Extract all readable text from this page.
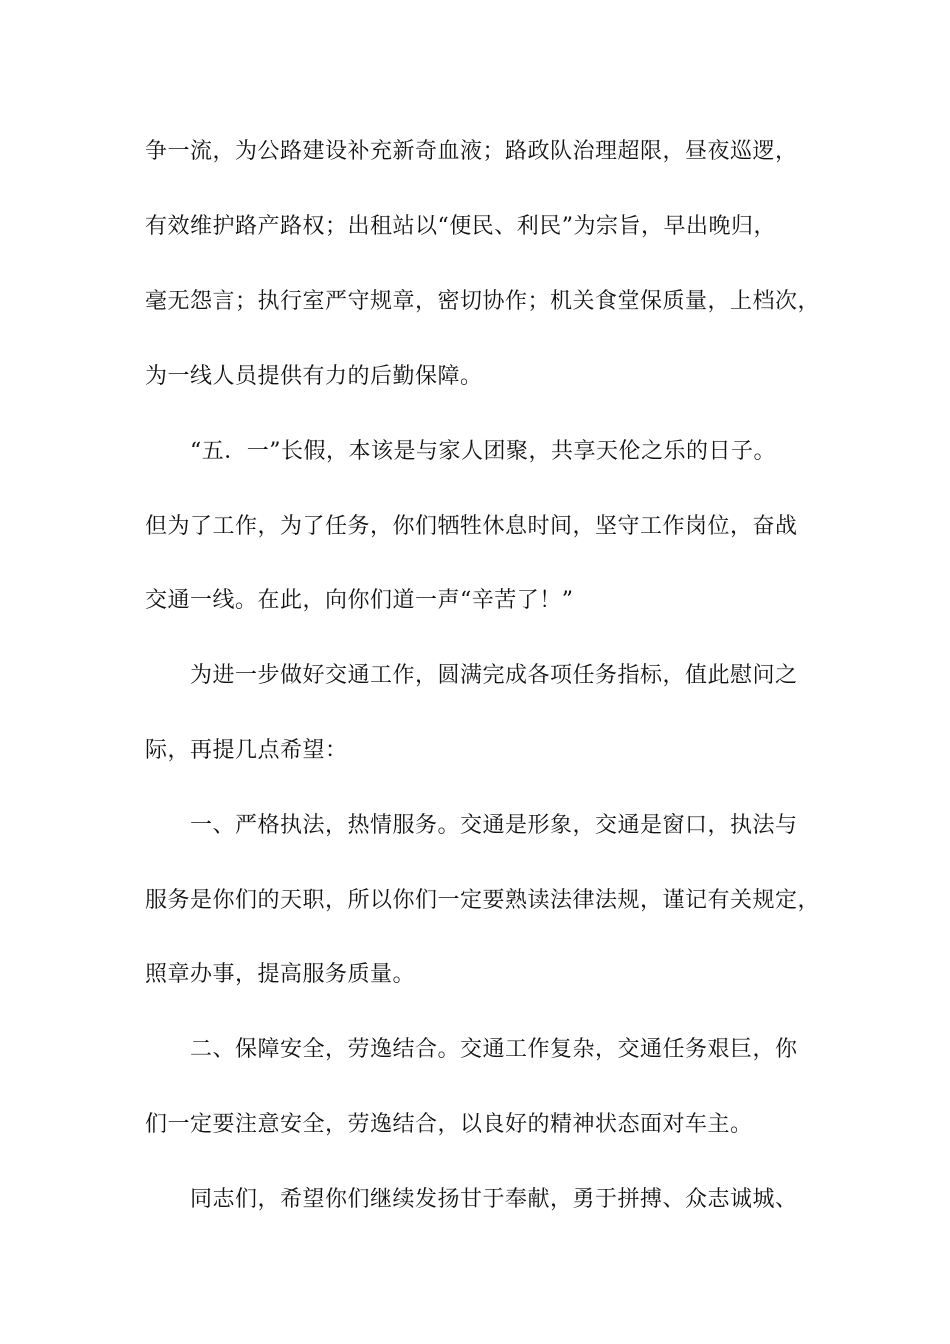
争一流，为公路建设补充新奇血液；路政队治理超限，昼夜巡逻，
有效维护路产路权；出租站以“便民、利民”为宗旨，早出晚归，
毫无怨言；执行室严守规章，密切协作；机关食堂保质量，上档次，
为一线人员提供有力的后勤保障。
“五．一”长假，本该是与家人团聚，共享天伦之乐的日子。
但为了工作，为了任务，你们牺牲休息时间，坚守工作岗位，奋战
交通一线。在此，向你们道一声“辛苦了！”
为进一步做好交通工作，圆满完成各项任务指标，值此慰问之
际，再提几点希望：
一、严格执法，热情服务。交通是形象，交通是窗口，执法与
服务是你们的天职，所以你们一定要熟读法律法规，谨记有关规定，
照章办事，提高服务质量。
二、保障安全，劳逸结合。交通工作复杂，交通任务艰巨，你
们一定要注意安全，劳逸结合，以良好的精神状态面对车主。
同志们，希望你们继续发扬甘于奉献，勇于拼搏、众志诚城、
